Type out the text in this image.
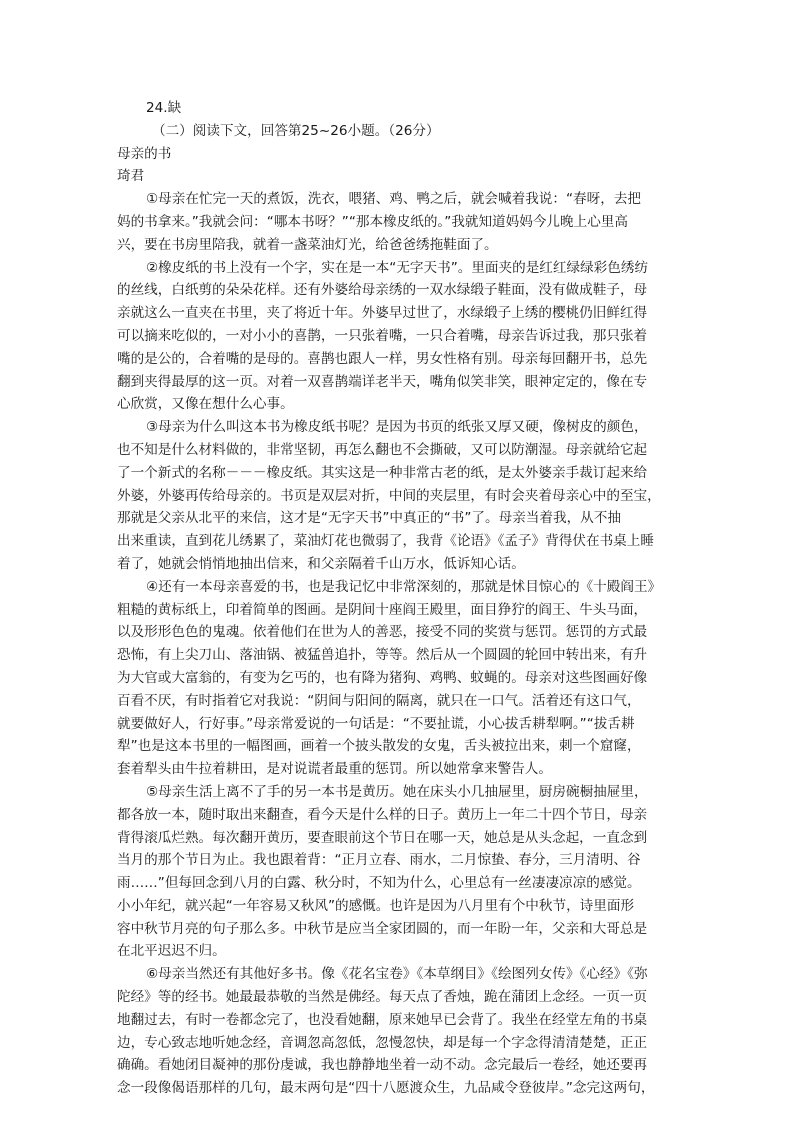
24.缺

（二）阅读下文，回答第25~26小题。（26分）

母亲的书

琦君

①母亲在忙完一天的煮饭，洗衣，喂猪、鸡、鸭之后，就会喊着我说：“春呀，去把

妈的书拿来。”我就会问：“哪本书呀？”“那本橡皮纸的。”我就知道妈妈今儿晚上心里高

兴，要在书房里陪我，就着一盏菜油灯光，给爸爸绣拖鞋面了。

②橡皮纸的书上没有一个字，实在是一本“无字天书”。里面夹的是红红绿绿彩色绣纺

的丝线，白纸剪的朵朵花样。还有外婆给母亲绣的一双水绿缎子鞋面，没有做成鞋子，母

亲就这么一直夹在书里，夹了将近十年。外婆早过世了，水绿缎子上绣的樱桃仍旧鲜红得

可以摘来吃似的，一对小小的喜鹊，一只张着嘴，一只合着嘴，母亲告诉过我，那只张着

嘴的是公的，合着嘴的是母的。喜鹊也跟人一样，男女性格有别。母亲每回翻开书，总先

翻到夹得最厚的这一页。对着一双喜鹊端详老半天，嘴角似笑非笑，眼神定定的，像在专

心欣赏，又像在想什么心事。

③母亲为什么叫这本书为橡皮纸书呢？是因为书页的纸张又厚又硬，像树皮的颜色，

也不知是什么材料做的，非常坚韧，再怎么翻也不会撕破，又可以防潮湿。母亲就给它起

了一个新式的名称－－－橡皮纸。其实这是一种非常古老的纸，是太外婆亲手裁订起来给

外婆，外婆再传给母亲的。书页是双层对折，中间的夹层里，有时会夹着母亲心中的至宝，

那就是父亲从北平的来信，这才是“无字天书”中真正的“书”了。母亲当着我，从不抽

出来重读，直到花儿绣累了，菜油灯花也微弱了，我背《论语》《孟子》背得伏在书桌上睡

着了，她就会悄悄地抽出信来，和父亲隔着千山万水，低诉知心话。

④还有一本母亲喜爱的书，也是我记忆中非常深刻的，那就是怵目惊心的《十殿阎王》

粗糙的黄标纸上，印着简单的图画。是阴间十座阎王殿里，面目狰狞的阎王、牛头马面，

以及形形色色的鬼魂。依着他们在世为人的善恶，接受不同的奖赏与惩罚。惩罚的方式最

恐怖，有上尖刀山、落油锅、被猛兽追扑，等等。然后从一个圆圆的轮回中转出来，有升

为大官或大富翁的，有变为乞丐的，也有降为猪狗、鸡鸭、蚊蝇的。母亲对这些图画好像

百看不厌，有时指着它对我说：“阴间与阳间的隔离，就只在一口气。活着还有这口气，

就要做好人，行好事。”母亲常爱说的一句话是：“不要扯谎，小心拔舌耕犁啊。”“拔舌耕

犁”也是这本书里的一幅图画，画着一个披头散发的女鬼，舌头被拉出来，刺一个窟窿，

套着犁头由牛拉着耕田，是对说谎者最重的惩罚。所以她常拿来警告人。

⑤母亲生活上离不了手的另一本书是黄历。她在床头小几抽屉里，厨房碗橱抽屉里，

都各放一本，随时取出来翻查，看今天是什么样的日子。黄历上一年二十四个节日，母亲

背得滚瓜烂熟。每次翻开黄历，要查眼前这个节日在哪一天，她总是从头念起，一直念到

当月的那个节日为止。我也跟着背：“正月立春、雨水，二月惊蛰、春分，三月清明、谷

雨……”但每回念到八月的白露、秋分时，不知为什么，心里总有一丝凄凄凉凉的感觉。

小小年纪，就兴起“一年容易又秋风”的感慨。也许是因为八月里有个中秋节，诗里面形

容中秋节月亮的句子那么多。中秋节是应当全家团圆的，而一年盼一年，父亲和大哥总是

在北平迟迟不归。

⑥母亲当然还有其他好多书。像《花名宝卷》《本草纲目》《绘图列女传》《心经》《弥

陀经》等的经书。她最最恭敬的当然是佛经。每天点了香烛，跪在蒲团上念经。一页一页

地翻过去，有时一卷都念完了，也没看她翻，原来她早已会背了。我坐在经堂左角的书桌

边，专心致志地听她念经，音调忽高忽低，忽慢忽快，却是每一个字念得清清楚楚，正正

确确。看她闭目凝神的那份虔诚，我也静静地坐着一动不动。念完最后一卷经，她还要再

念一段像偈语那样的几句，最末两句是“四十八愿渡众生，九品咸令登彼岸。”念完这两句，
